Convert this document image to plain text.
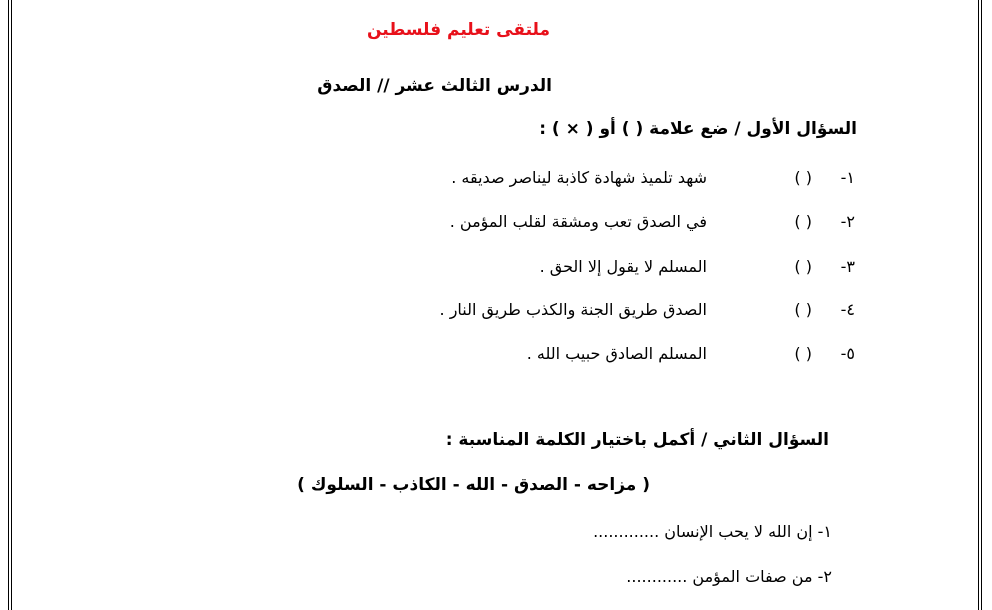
ملتقى تعليم فلسطين
الدرس الثالث عشر // الصدق
السؤال الأول / ضع علامة ( ) أو ( × ) :
١-
( )
شهد تلميذ شهادة كاذبة ليناصر صديقه .
٢-
( )
في الصدق تعب ومشقة لقلب المؤمن .
٣-
( )
المسلم لا يقول إلا الحق .
٤-
( )
الصدق طريق الجنة والكذب طريق النار .
٥-
( )
المسلم الصادق حبيب الله .
السؤال الثاني / أكمل باختيار الكلمة المناسبة :
( مزاحه - الصدق - الله - الكاذب - السلوك )
١- إن الله لا يحب الإنسان .............
٢- من صفات المؤمن ............
